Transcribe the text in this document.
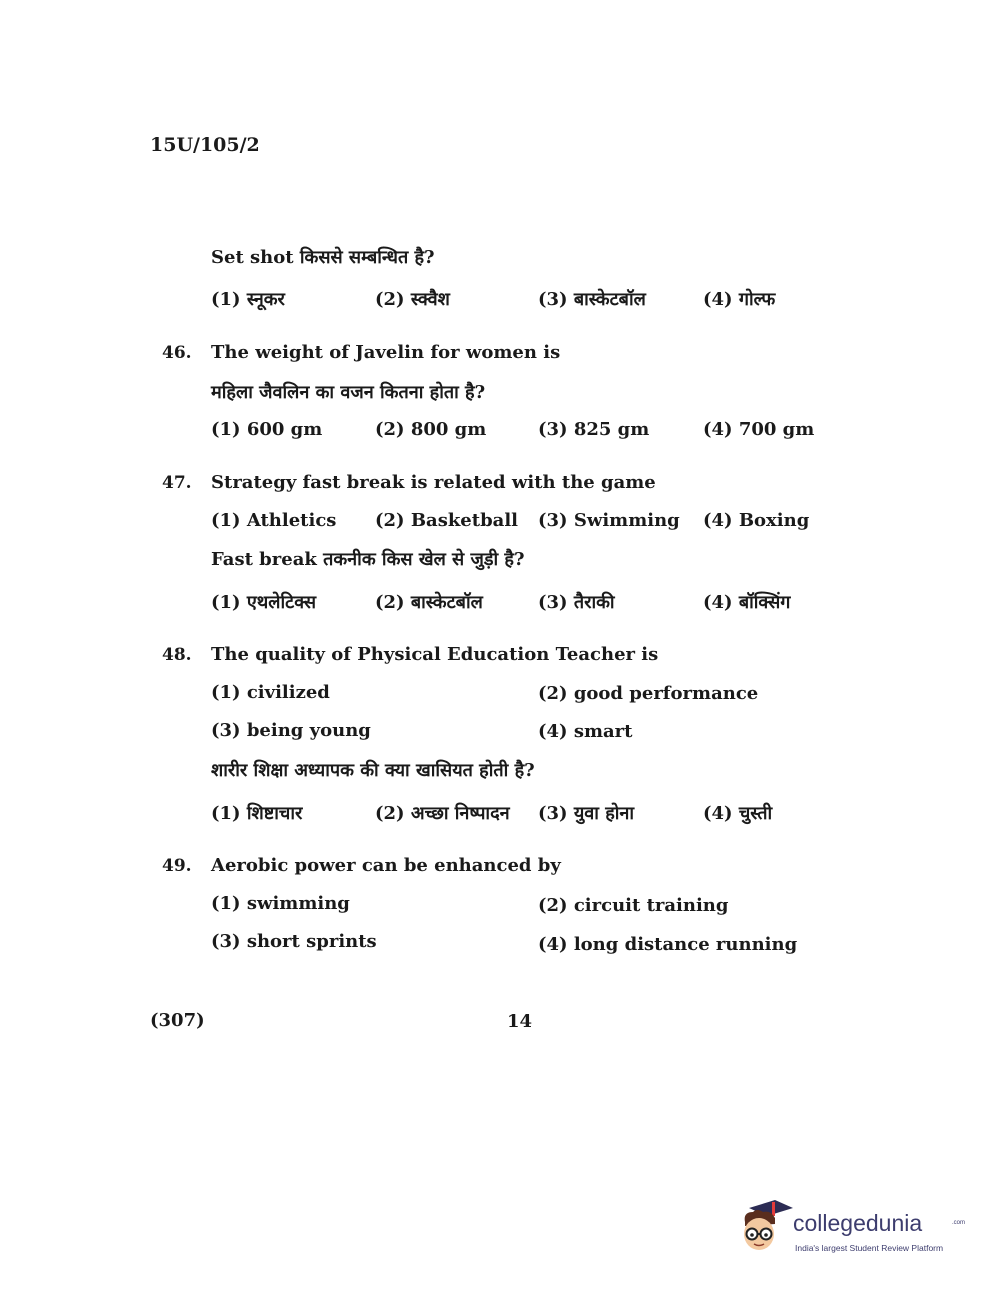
15U/105/2
Set shot किससे सम्बन्धित है?
(1) स्नूकर	(2) स्क्वैश	(3) बास्केटबॉल	(4) गोल्फ
46. The weight of Javelin for women is
महिला जैवलिन का वजन कितना होता है?
(1) 600 gm	(2) 800 gm	(3) 825 gm	(4) 700 gm
47. Strategy fast break is related with the game
(1) Athletics (2) Basketball (3) Swimming (4) Boxing
Fast break तकनीक किस खेल से जुड़ी है?
(1) एथलेटिक्स	(2) बास्केटबॉल	(3) तैराकी	(4) बॉक्सिंग
48. The quality of Physical Education Teacher is
(1) civilized	(2) good performance
(3) being young	(4) smart
शारीर शिक्षा अध्यापक की क्या खासियत होती है?
(1) शिष्टाचार	(2) अच्छा निष्पादन (3) युवा होना	(4) चुस्ती
49. Aerobic power can be enhanced by
(1) swimming	(2) circuit training
(3) short sprints	(4) long distance running
(307)	14
collegedunia	.com
India's largest Student Review Platform
